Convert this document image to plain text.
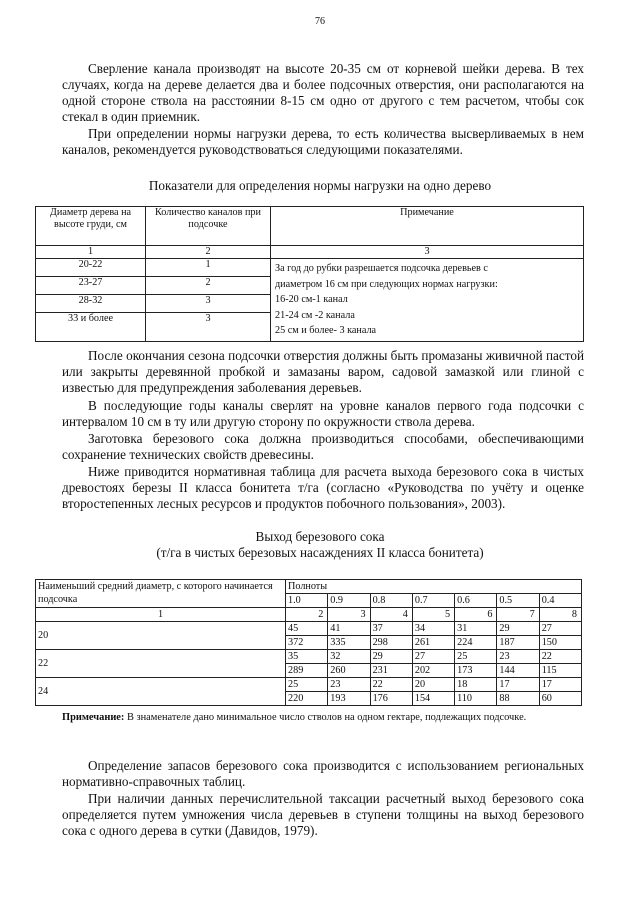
76

Сверление канала производят на высоте 20-35 см от корневой шейки дерева. В тех случаях, когда на дереве делается два и более подсочных отверстия, они располагаются на одной стороне ствола на расстоянии 8-15 см одно от другого с тем расчетом, чтобы сок стекал в один приемник.

При определении нормы нагрузки дерева, то есть количества высверливаемых в нем каналов, рекомендуется руководствоваться следующими показателями.

Показатели для определения нормы нагрузки на одно дерево

Диаметр дерева на высоте груди, см	Количество каналов при подсочке	Примечание
1	2	3
20-22	1	За год до рубки разрешается подсочка деревьев с
диаметром 16 см при следующих нормах нагрузки:
16-20 см-1 канал
21-24 см -2 канала
25 см и более- 3 канала

23-27	2	
28-32	3	
33 и более	3	

После окончания сезона подсочки отверстия должны быть промазаны живичной пастой или закрыты деревянной пробкой и замазаны варом, садовой замазкой или глиной с известью для предупреждения заболевания деревьев.

В последующие годы каналы сверлят на уровне каналов первого года подсочки с интервалом 10 см в ту или другую сторону по окружности ствола дерева.

Заготовка березового сока должна производиться способами, обеспечивающими сохранение технических свойств древесины.

Ниже приводится нормативная таблица для расчета выхода березового сока в чистых древостоях березы II класса бонитета т/га (согласно «Руководства по учёту и оценке второстепенных лесных ресурсов и продуктов побочного пользования», 2003).

Выход березового сока

(т/га в чистых березовых насаждениях II класса бонитета)

Наименьший средний диаметр, с которого начинается подсочка	Полноты						
	1.0	0.9	0.8	0.7	0.6	0.5	0.4
1	2	3	4	5	6	7	8
20	45	41	37	34	31	29	27
	372	335	298	261	224	187	150
22	35	32	29	27	25	23	22
	289	260	231	202	173	144	115
24	25	23	22	20	18	17	17
	220	193	176	154	110	88	60

Примечание: В знаменателе дано минимальное число стволов на одном гектаре, подлежащих подсочке.

Определение запасов березового сока производится с использованием региональных нормативно-справочных таблиц.

При наличии данных перечислительной таксации расчетный выход березового сока определяется путем умножения числа деревьев в ступени толщины на выход березового сока с одного дерева в сутки (Давидов, 1979).
